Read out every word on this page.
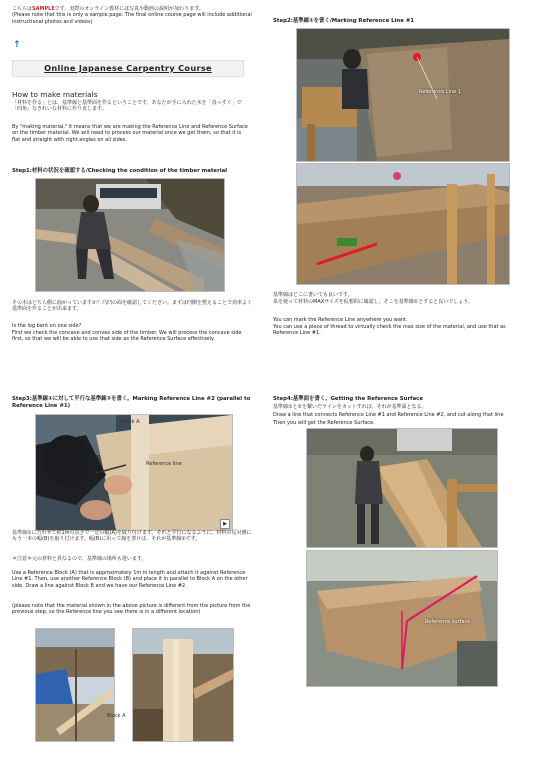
こちらはSAMPLEです。実際のオンライン教材には写真や動画の説明が加わります。
(Please note that this is only a sample page. The final online course page will include additional instructional photos and videos)
↑
Online Japanese Carpentry Course
How to make materials
「材料を作る」とは、基準線と基準面を作るということです。あなたが手に入れた木を「真っすぐ」で「四角」なきれいな材料に作り直します。
By "making material," it means that we are making the Reference Line and Reference Surface on the timber material. We will need to process our material once we get them, so that it is flat and straight with right angles on all sides.
Step1:材料の状況を確認する/Checking the condition of the timber material
その木はどちら側に曲がっていますか？凸凹の面を確認してください。まずは凹側を整えることで効率よく基準面を作ることが出来ます。
Is the log bent on one side?
First we check the concave and convex side of the timber. We will process the concave side first, so that we will be able to use that side as the Reference Surface effectively.
Step3:基準線①に対して平行な基準線②を書く。Marking Reference Line #2 (parallel to Reference Line #1)
Block A
Reference line
▶
基準線①に合わせて約1mの長さで一定の幅(A)を取り付けます。それと平行になるように、材料の反対側にもう一本の幅(B)を取り付けます。幅(B)に沿って線を書けば、それが基準線②です。
＊注意＊元の材料と異なるので、基準線の場所も違います。
Use a Reference Block (A) that is approximately 1m in length and attach it against Reference Line #1. Then, use another Reference Block (B) and place it in parallel to Block A on the other side. Draw a line against Block B and we have our Reference Line #2.
(please note that the material shown in the above picture is different from the picture from the previous step, so the Reference line you see there is in a different location)
Block A
Step2:基準線①を書く/Marking Reference Line #1
Reference Line 1
基準線はどこに書いても良いです。
糸を使って材料のMAXサイズを仮想的に確認し、そこを基準線①とすると良いでしょう。
You can mark the Reference Line anywhere you want.
You can use a piece of thread to virtually check the max size of the material, and use that as Reference Line #1.
Step4:基準面を書く。Getting the Reference Surface
基準線①と②を繋いだラインをカットすれば、それが基準面となる。
Draw a line that connects Reference Line #1 and Reference Line #2, and cut along that line
Then you will get the Reference Surface.
Reference surface
